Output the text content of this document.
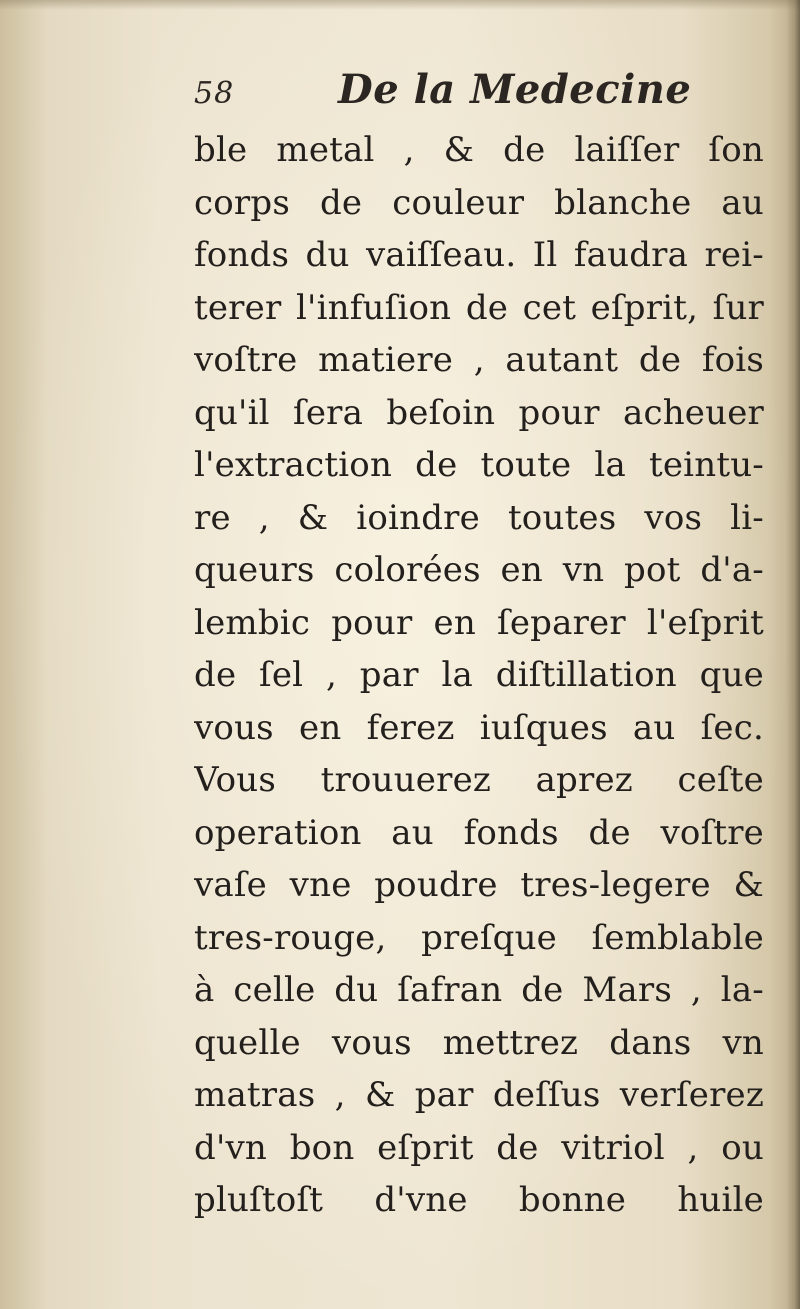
58	De la Medecine
ble metal , & de laiſſer ſon
corps de couleur blanche au
fonds du vaiſſeau. Il faudra rei-
terer l'infuſion de cet eſprit, ſur
voſtre matiere , autant de fois
qu'il ſera beſoin pour acheuer
l'extraction de toute la teintu-
re , & ioindre toutes vos li-
queurs colorées en vn pot d'a-
lembic pour en ſeparer l'eſprit
de ſel , par la diſtillation que
vous en ferez iuſques au ſec.
Vous trouuerez aprez ceſte
operation au fonds de voſtre
vaſe vne poudre tres-legere &
tres-rouge, preſque ſemblable
à celle du ſafran de Mars , la-
quelle vous mettrez dans vn
matras , & par deſſus verſerez
d'vn bon eſprit de vitriol , ou
pluſtoſt d'vne bonne huile
